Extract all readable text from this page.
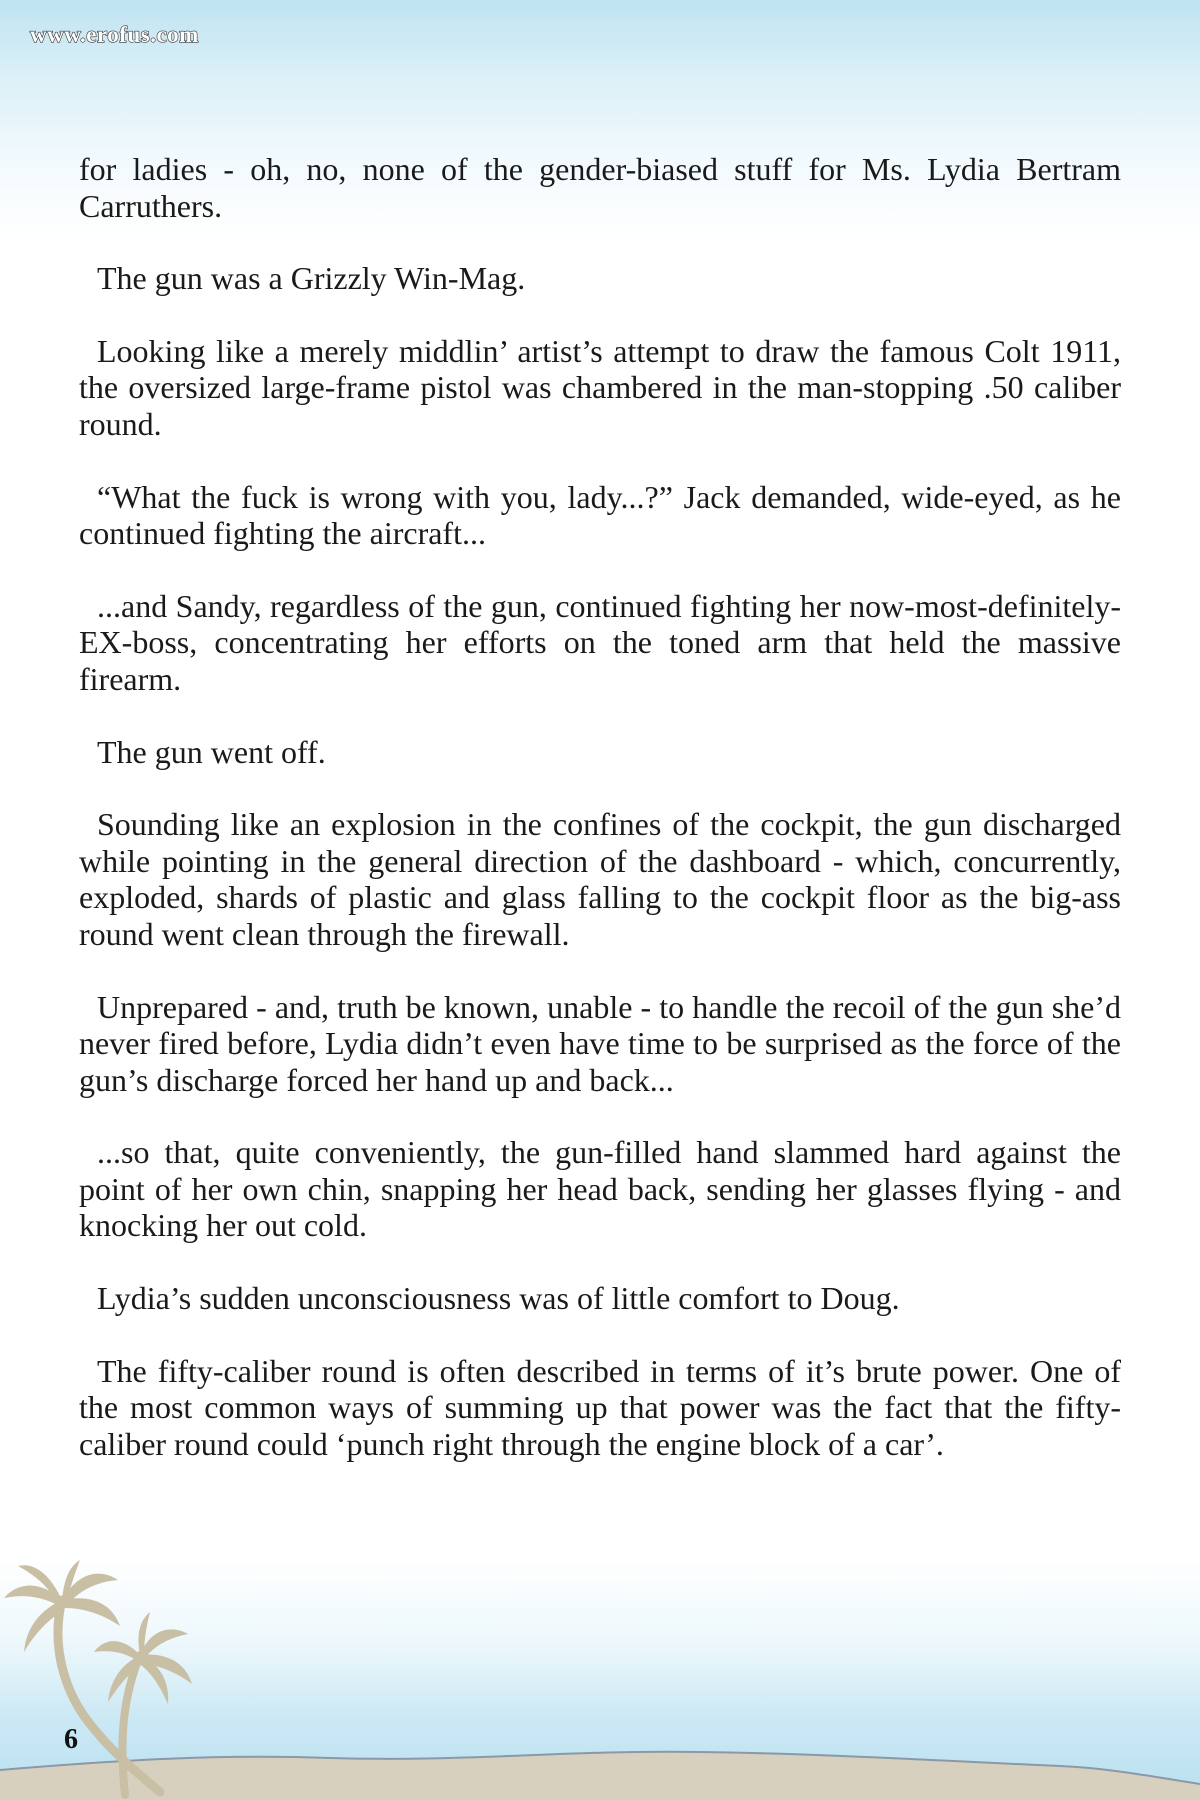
www.erofus.com

for ladies - oh, no, none of the gender-biased stuff for Ms. Lydia Bertram Carruthers.

The gun was a Grizzly Win-Mag.

Looking like a merely middlin’ artist’s attempt to draw the famous Colt 1911, the oversized large-frame pistol was chambered in the man-stopping .50 caliber round.

“What the fuck is wrong with you, lady...?” Jack demanded, wide-eyed, as he continued fighting the aircraft...

...and Sandy, regardless of the gun, continued fighting her now-most-definitely-EX-boss, concentrating her efforts on the toned arm that held the massive firearm.

The gun went off.

Sounding like an explosion in the confines of the cockpit, the gun discharged while pointing in the general direction of the dashboard - which, concurrently, exploded, shards of plastic and glass falling to the cockpit floor as the big-ass round went clean through the firewall.

Unprepared - and, truth be known, unable - to handle the recoil of the gun she’d never fired before, Lydia didn’t even have time to be surprised as the force of the gun’s discharge forced her hand up and back...

...so that, quite conveniently, the gun-filled hand slammed hard against the point of her own chin, snapping her head back, sending her glasses flying - and knocking her out cold.

Lydia’s sudden unconsciousness was of little comfort to Doug.

The fifty-caliber round is often described in terms of it’s brute power. One of the most common ways of summing up that power was the fact that the fifty-caliber round could ‘punch right through the engine block of a car’.

6
